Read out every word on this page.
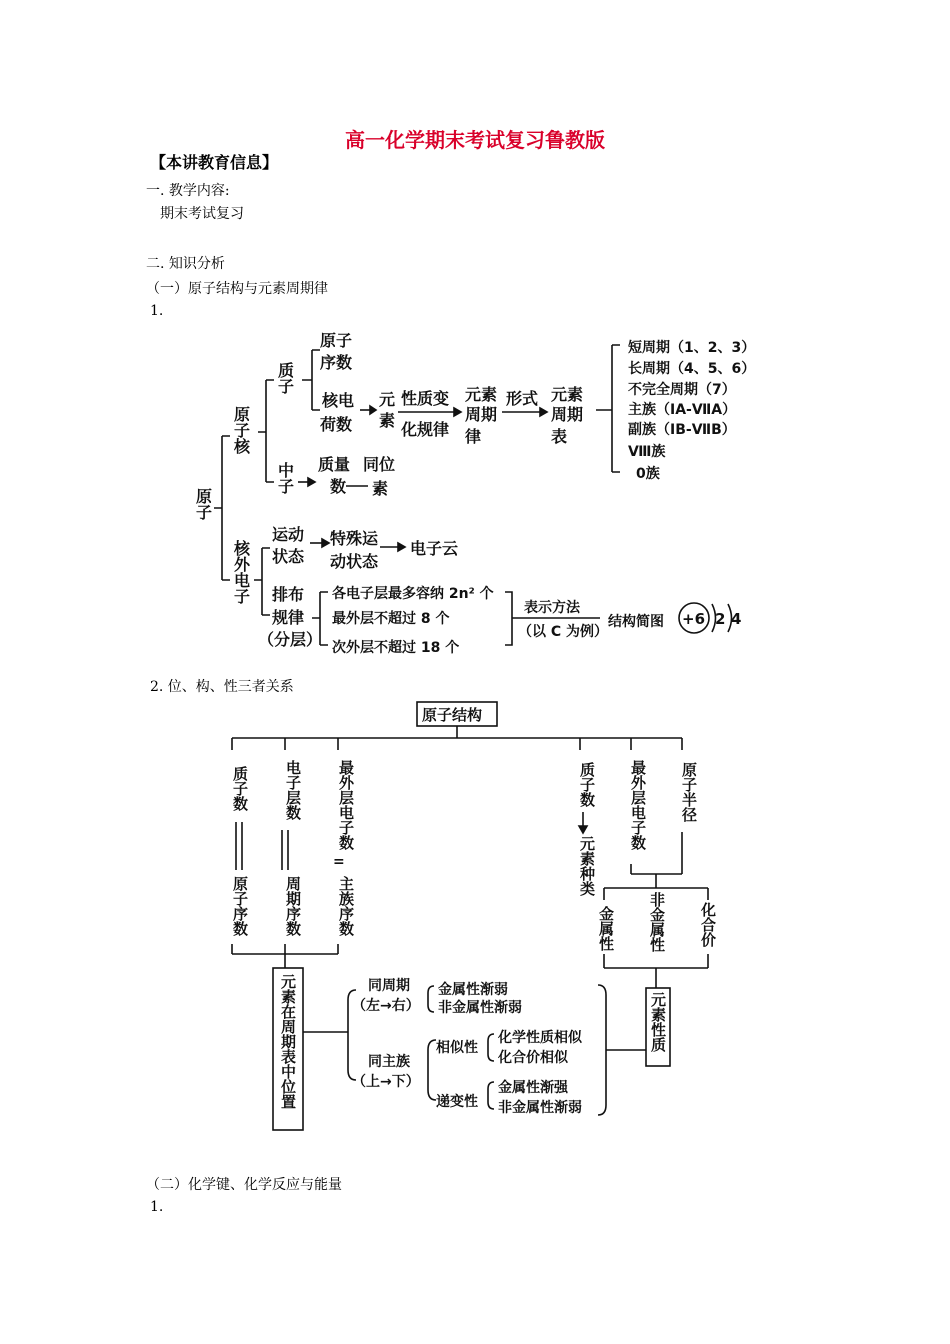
高一化学期末考试复习鲁教版
【本讲教育信息】
一. 教学内容:
期末考试复习
二. 知识分析
（一）原子结构与元素周期律
1.
2. 位、构、性三者关系
（二）化学键、化学反应与能量
1.
原子
原子核
核外电子
质子
中子
原子
序数
核电
荷数
元
素
性质变
化规律
元素
周期
律
形式 元素
周期
表
短周期（1、2、3）
长周期（4、5、6）
不完全周期（7）
主族（ⅠA-ⅦA）
副族（ⅠB-ⅦB）
Ⅷ族
0族
质量
数
同位
素
运动
状态
特殊运
动状态
电子云
排布
规律
（分层）
各电子层最多容纳 2n² 个
最外层不超过 8 个
次外层不超过 18 个
表示方法
（以 C 为例）
结构简图 +6 2 4
原子结构
质子数 电子层数 最外层电子数
=
原子序数 周期序数 主族序数
元素在周期表中位置	同周期
（左→右）
金属性渐弱
非金属性渐弱
同主族
（上→下）
相似性
化学性质相似
化合价相似
递变性
金属性渐强
非金属性渐弱
质子数
元素种类
最外层电子数 原子半径
金属性 非金属性 化合价
元素性质
